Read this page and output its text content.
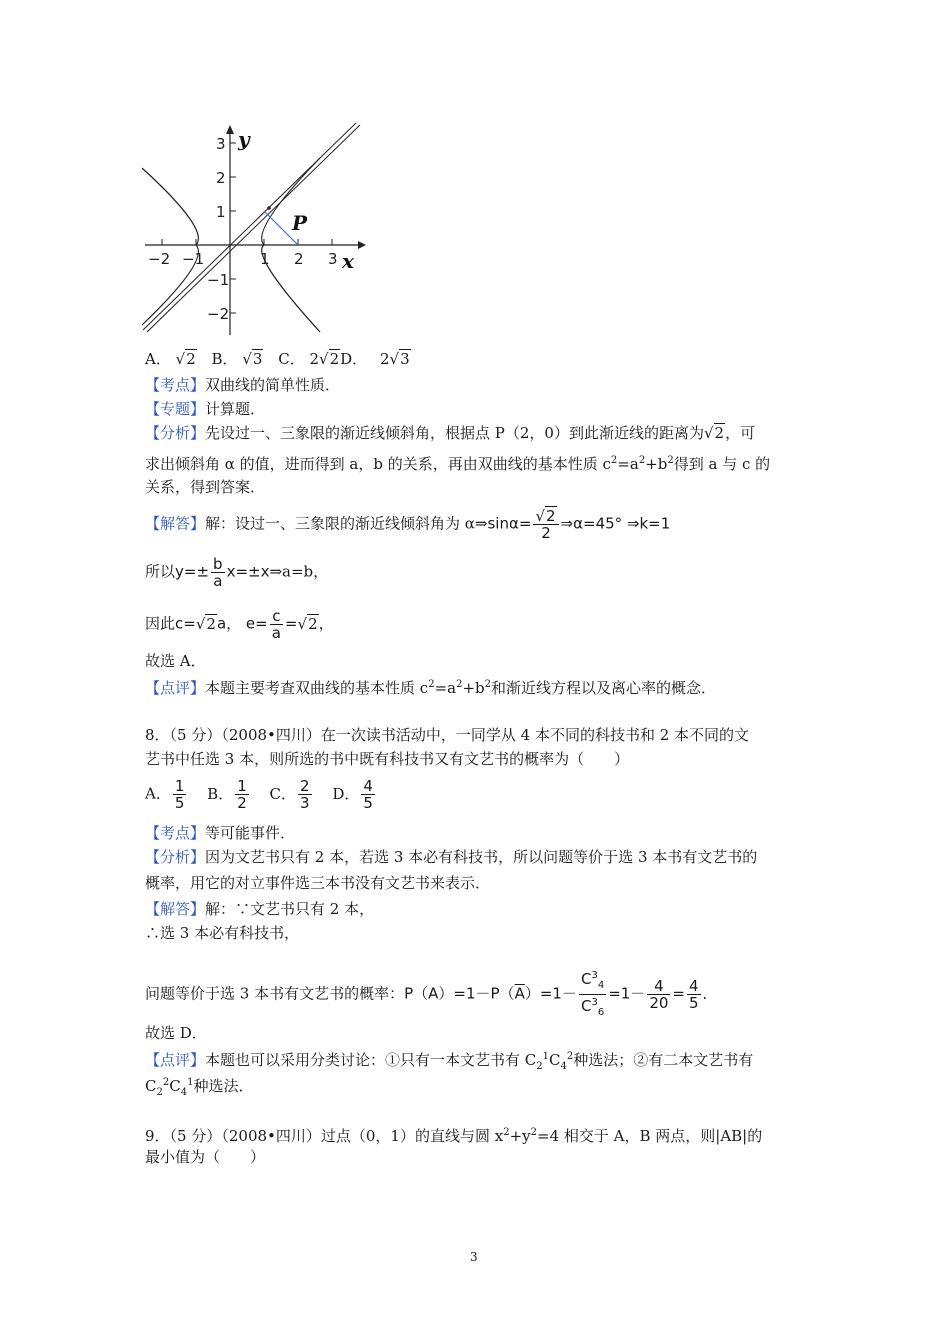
y
x
P
3
2
1
−1
−2
−2 −1	1 2 3
A． √2 B． √3 C． 2√2D． 2√3
【考点】双曲线的简单性质．
【专题】计算题．
【分析】先设过一、三象限的渐近线倾斜角，根据点 P（2，0）到此渐近线的距离为√2，可
求出倾斜角 α 的值，进而得到 a，b 的关系，再由双曲线的基本性质 $c^2=a^2+b^2$得到 a 与 c 的
关系，得到答案．
【解答】解：设过一、三象限的渐近线倾斜角为 α⇒sinα= $\frac{√2}{2}$ ⇒α=45° ⇒k=1
所以$y=\pm \frac{b}{a}$ x=±x⇒a=b，
因此c=√2a， $e= \frac{c}{a} =√2$，
故选 A．
【点评】本题主要考查双曲线的基本性质 $c^2=a^2+b^2$和渐近线方程以及离心率的概念．
8．（5 分）（2008•四川）在一次读书活动中，一同学从 4 本不同的科技书和 2 本不同的文
艺书中任选 3 本，则所选的书中既有科技书又有文艺书的概率为（　　）
A． $\frac{1}{5}$ B． $\frac{1}{2}$ C． $\frac{2}{3}$ D． $\frac{4}{5}$
【考点】等可能事件．
【分析】因为文艺书只有 2 本，若选 3 本必有科技书，所以问题等价于选 3 本书有文艺书的
概率，用它的对立事件选三本书没有文艺书来表示．
【解答】解：∵文艺书只有 2 本，
∴选 3 本必有科技书，
问题等价于选 3 本书有文艺书的概率：$P(A)=1-P(\overline{A})=1- \frac{C^3_4}{C^3_6} =1- \frac{4}{20} = \frac{4}{5}$ ．
故选 D．
【点评】本题也可以采用分类讨论：①只有一本文艺书有 $C_2^1C_4^2$种选法；②有二本文艺书有
$C_2^2C_4^1$种选法．
9．（5 分）（2008•四川）过点（0，1）的直线与圆 $x^2+y^2=4$ 相交于 A，B 两点，则|AB|的
最小值为（　　）
3
